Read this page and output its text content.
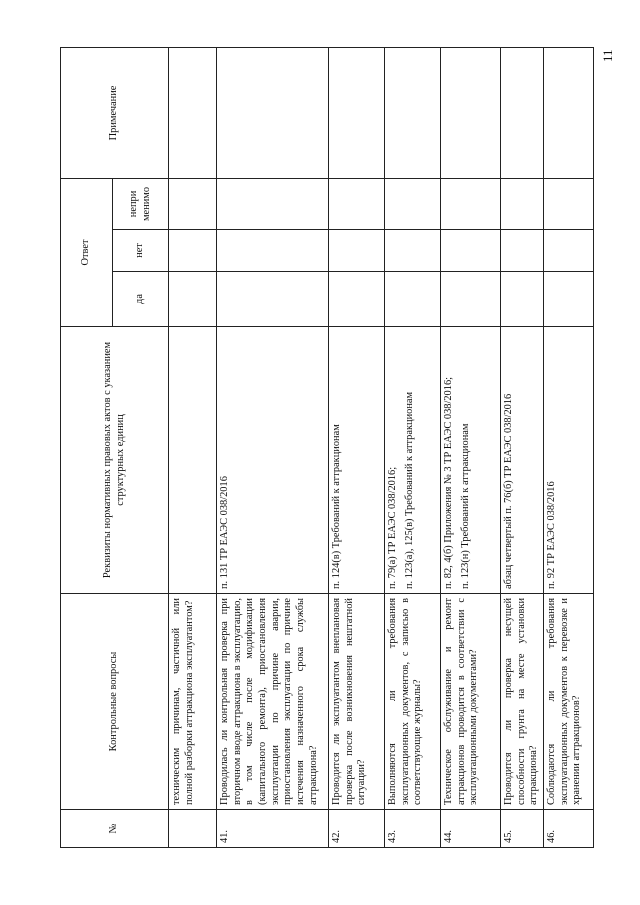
11
№	Контрольные вопросы	Реквизиты нормативных правовых актов с указанием структурных единиц	Ответ			Примечание
			да	нет	непри менимо	
	техническим причинам, частичной или полной разборки аттракциона эксплуатантом?	

41.	Проводилась ли контрольная проверка при вторичном вводе аттракциона в эксплуатацию, в том числе после модификации (капитального ремонта), приостановления эксплуатации по причине аварии, приостановления эксплуатации по причине истечения назначенного срока службы аттракциона?	п. 131 ТР ЕАЭС 038/2016				

42.	Проводится ли эксплуатантом внеплановая проверка после возникновения нештатной ситуации?	п. 124(в) Требований к аттракционам				

43.	Выполняются ли требования эксплуатационных документов, с записью в соответствующие журналы?	п. 79(а) ТР ЕАЭС 038/2016; п. 123(а), 125(в) Требований к аттракционам				

44.	Техническое обслуживание и ремонт аттракционов проводится в соответствии с эксплуатационными документами?	п. 82, 4(б) Приложения № 3 ТР ЕАЭС 038/2016; п. 123(н) Требований к аттракционам				

45.	Проводится ли проверка несущей способности грунта на месте установки аттракциона?	абзац четвертый п. 76(б) ТР ЕАЭС 038/2016				

46.	Соблюдаются ли требования эксплуатационных документов к перевозке и хранении аттракционов?	п. 92 ТР ЕАЭС 038/2016				
